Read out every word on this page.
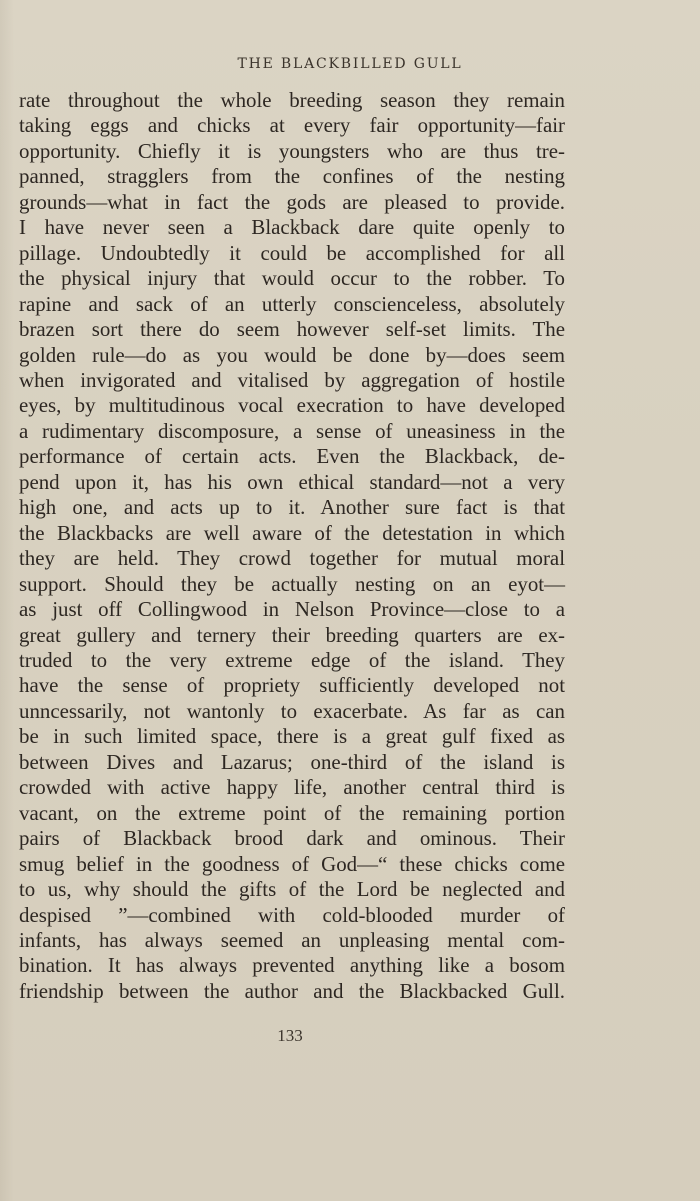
THE BLACKBILLED GULL
rate throughout the whole breeding season they remain
taking eggs and chicks at every fair opportunity—fair
opportunity. Chiefly it is youngsters who are thus tre-
panned, stragglers from the confines of the nesting
grounds—what in fact the gods are pleased to provide.
I have never seen a Blackback dare quite openly to
pillage. Undoubtedly it could be accomplished for all
the physical injury that would occur to the robber. To
rapine and sack of an utterly conscienceless, absolutely
brazen sort there do seem however self-set limits. The
golden rule—do as you would be done by—does seem
when invigorated and vitalised by aggregation of hostile
eyes, by multitudinous vocal execration to have developed
a rudimentary discomposure, a sense of uneasiness in the
performance of certain acts. Even the Blackback, de-
pend upon it, has his own ethical standard—not a very
high one, and acts up to it. Another sure fact is that
the Blackbacks are well aware of the detestation in which
they are held. They crowd together for mutual moral
support. Should they be actually nesting on an eyot—
as just off Collingwood in Nelson Province—close to a
great gullery and ternery their breeding quarters are ex-
truded to the very extreme edge of the island. They
have the sense of propriety sufficiently developed not
unncessarily, not wantonly to exacerbate. As far as can
be in such limited space, there is a great gulf fixed as
between Dives and Lazarus; one-third of the island is
crowded with active happy life, another central third is
vacant, on the extreme point of the remaining portion
pairs of Blackback brood dark and ominous. Their
smug belief in the goodness of God—“ these chicks come
to us, why should the gifts of the Lord be neglected and
despised ”—combined with cold-blooded murder of
infants, has always seemed an unpleasing mental com-
bination. It has always prevented anything like a bosom
friendship between the author and the Blackbacked Gull.
133
